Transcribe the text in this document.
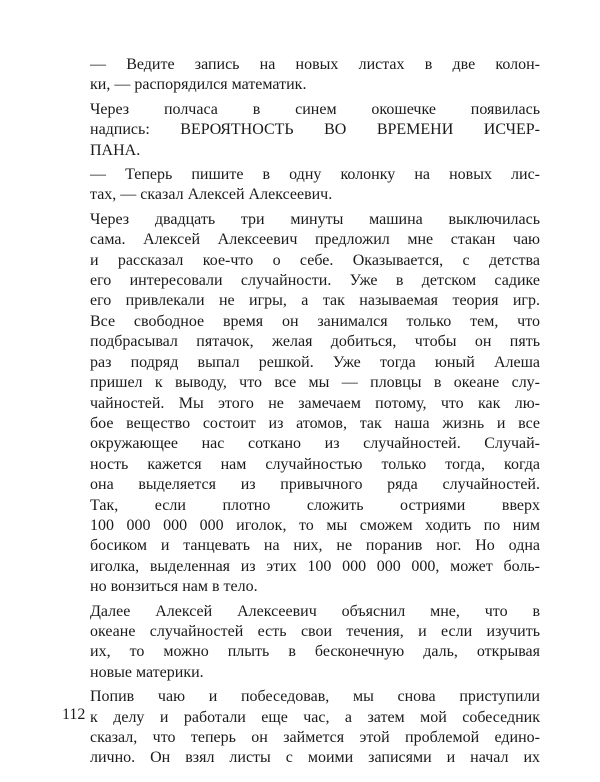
— Ведите запись на новых листах в две колон-
ки, — распорядился математик.

Через полчаса в синем окошечке появилась
надпись: ВЕРОЯТНОСТЬ ВО ВРЕМЕНИ ИСЧЕР-
ПАНА.

— Теперь пишите в одну колонку на новых лис-
тах, — сказал Алексей Алексеевич.

Через двадцать три минуты машина выключилась
сама. Алексей Алексеевич предложил мне стакан чаю
и рассказал кое-что о себе. Оказывается, с детства
его интересовали случайности. Уже в детском садике
его привлекали не игры, а так называемая теория игр.
Все свободное время он занимался только тем, что
подбрасывал пятачок, желая добиться, чтобы он пять
раз подряд выпал решкой. Уже тогда юный Алеша
пришел к выводу, что все мы — пловцы в океане слу-
чайностей. Мы этого не замечаем потому, что как лю-
бое вещество состоит из атомов, так наша жизнь и все
окружающее нас соткано из случайностей. Случай-
ность кажется нам случайностью только тогда, когда
она выделяется из привычного ряда случайностей.
Так, если плотно сложить остриями вверх
100 000 000 000 иголок, то мы сможем ходить по ним
босиком и танцевать на них, не поранив ног. Но одна
иголка, выделенная из этих 100 000 000 000, может боль-
но вонзиться нам в тело.

Далее Алексей Алексеевич объяснил мне, что в
океане случайностей есть свои течения, и если изучить
их, то можно плыть в бесконечную даль, открывая
новые материки.

Попив чаю и побеседовав, мы снова приступили
к делу и работали еще час, а затем мой собеседник
сказал, что теперь он займется этой проблемой едино-
лично. Он взял листы с моими записями и начал их

112
